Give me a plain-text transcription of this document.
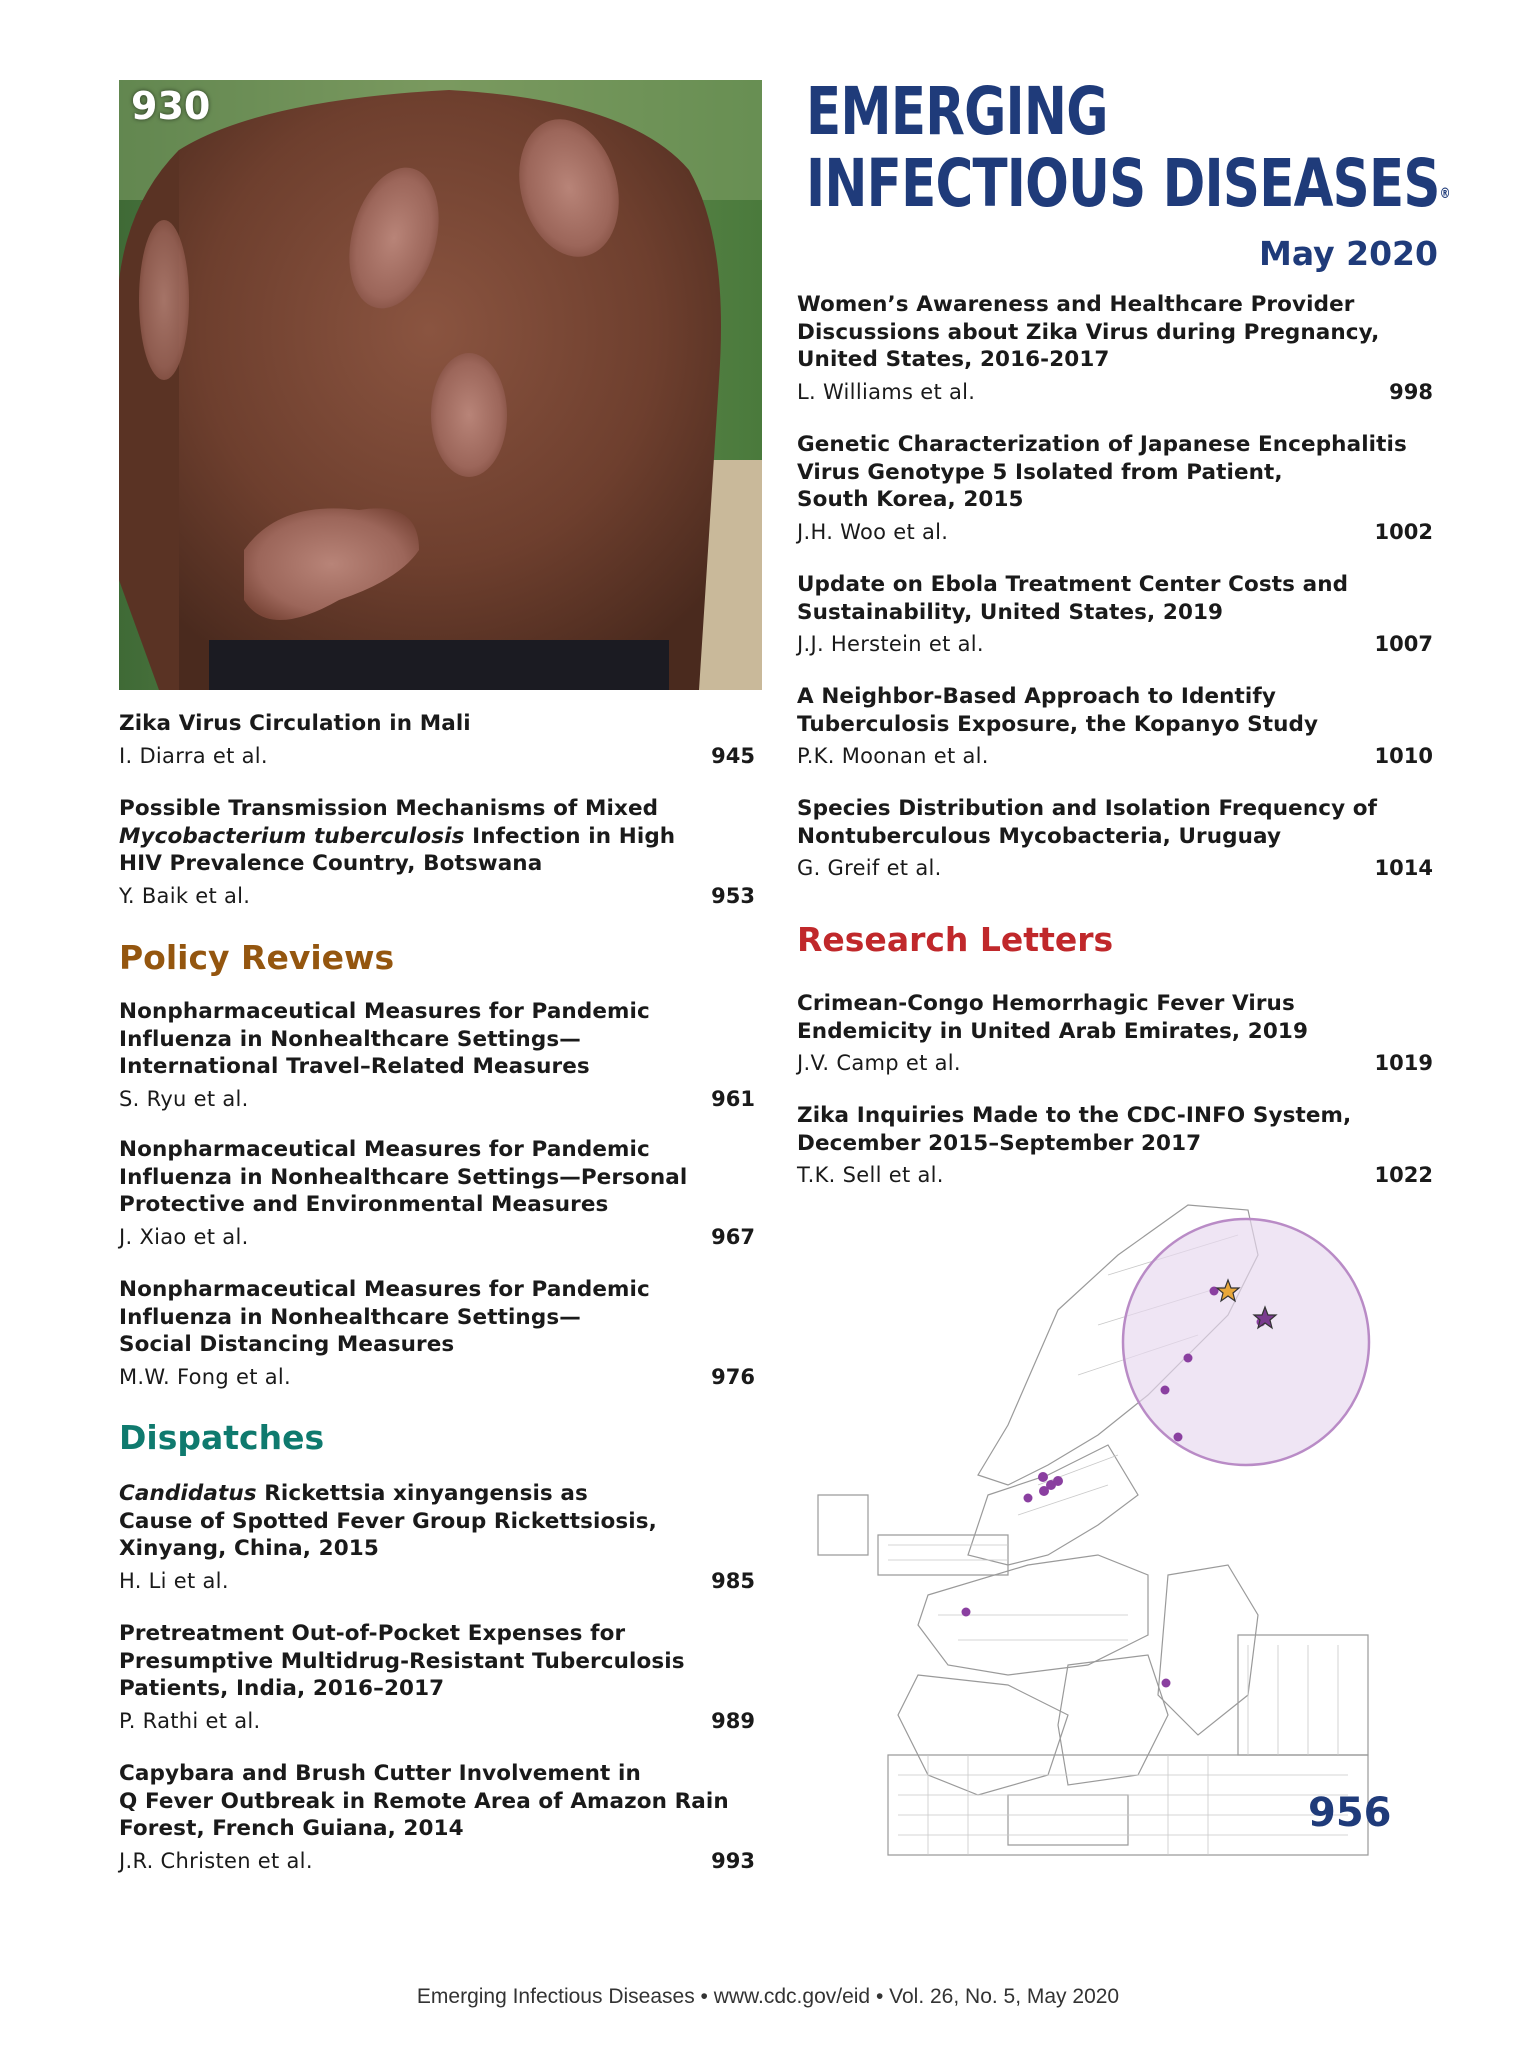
930	EMERGING
INFECTIOUS DISEASES®
May 2020
Zika Virus Circulation in Mali
I. Diarra et al.	945
Possible Transmission Mechanisms of Mixed
Mycobacterium tuberculosis Infection in High
HIV Prevalence Country, Botswana
Y. Baik et al.	953
Policy Reviews
Nonpharmaceutical Measures for Pandemic
Influenza in Nonhealthcare Settings—
International Travel–Related Measures
S. Ryu et al.	961
Nonpharmaceutical Measures for Pandemic
Influenza in Nonhealthcare Settings—Personal
Protective and Environmental Measures
J. Xiao et al.	967
Nonpharmaceutical Measures for Pandemic
Influenza in Nonhealthcare Settings—
Social Distancing Measures
M.W. Fong et al.	976
Dispatches
Candidatus Rickettsia xinyangensis as
Cause of Spotted Fever Group Rickettsiosis,
Xinyang, China, 2015
H. Li et al.	985
Pretreatment Out-of-Pocket Expenses for
Presumptive Multidrug-Resistant Tuberculosis
Patients, India, 2016–2017
P. Rathi et al.	989
Capybara and Brush Cutter Involvement in
Q Fever Outbreak in Remote Area of Amazon Rain
Forest, French Guiana, 2014
J.R. Christen et al.	993
Women’s Awareness and Healthcare Provider
Discussions about Zika Virus during Pregnancy,
United States, 2016-2017
L. Williams et al.	998
Genetic Characterization of Japanese Encephalitis
Virus Genotype 5 Isolated from Patient,
South Korea, 2015
J.H. Woo et al.	1002
Update on Ebola Treatment Center Costs and
Sustainability, United States, 2019
J.J. Herstein et al.	1007
A Neighbor-Based Approach to Identify
Tuberculosis Exposure, the Kopanyo Study
P.K. Moonan et al.	1010
Species Distribution and Isolation Frequency of
Nontuberculous Mycobacteria, Uruguay
G. Greif et al.	1014
Research Letters
Crimean-Congo Hemorrhagic Fever Virus
Endemicity in United Arab Emirates, 2019
J.V. Camp et al.	1019
Zika Inquiries Made to the CDC-INFO System,
December 2015–September 2017
T.K. Sell et al.	1022
956
Emerging Infectious Diseases • www.cdc.gov/eid • Vol. 26, No. 5, May 2020
